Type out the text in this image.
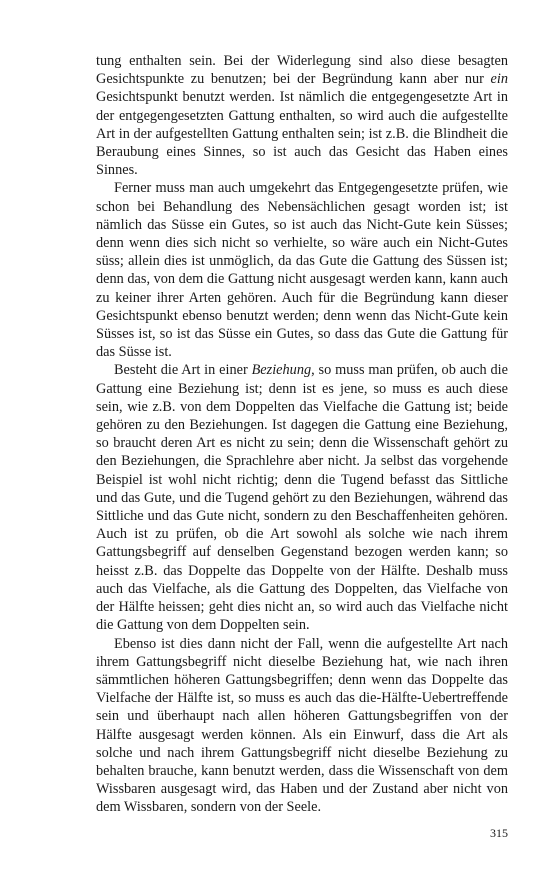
tung enthalten sein. Bei der Widerlegung sind also diese besagten Gesichtspunkte zu benutzen; bei der Begründung kann aber nur ein Gesichtspunkt benutzt werden. Ist nämlich die entgegengesetzte Art in der entgegengesetzten Gattung enthalten, so wird auch die aufgestellte Art in der aufgestellten Gattung enthalten sein; ist z.B. die Blindheit die Beraubung eines Sinnes, so ist auch das Gesicht das Haben eines Sinnes.

Ferner muss man auch umgekehrt das Entgegengesetzte prüfen, wie schon bei Behandlung des Nebensächlichen gesagt worden ist; ist nämlich das Süsse ein Gutes, so ist auch das Nicht-Gute kein Süsses; denn wenn dies sich nicht so verhielte, so wäre auch ein Nicht-Gutes süss; allein dies ist unmöglich, da das Gute die Gattung des Süssen ist; denn das, von dem die Gattung nicht ausgesagt werden kann, kann auch zu keiner ihrer Arten gehören. Auch für die Begründung kann dieser Gesichtspunkt ebenso benutzt werden; denn wenn das Nicht-Gute kein Süsses ist, so ist das Süsse ein Gutes, so dass das Gute die Gattung für das Süsse ist.

Besteht die Art in einer Beziehung, so muss man prüfen, ob auch die Gattung eine Beziehung ist; denn ist es jene, so muss es auch diese sein, wie z.B. von dem Doppelten das Vielfache die Gattung ist; beide gehören zu den Beziehungen. Ist dagegen die Gattung eine Beziehung, so braucht deren Art es nicht zu sein; denn die Wissenschaft gehört zu den Beziehungen, die Sprachlehre aber nicht. Ja selbst das vorgehende Beispiel ist wohl nicht richtig; denn die Tugend befasst das Sittliche und das Gute, und die Tugend gehört zu den Beziehungen, während das Sittliche und das Gute nicht, sondern zu den Beschaffenheiten gehören. Auch ist zu prüfen, ob die Art sowohl als solche wie nach ihrem Gattungsbegriff auf denselben Gegenstand bezogen werden kann; so heisst z.B. das Doppelte das Doppelte von der Hälfte. Deshalb muss auch das Vielfache, als die Gattung des Doppelten, das Vielfache von der Hälfte heissen; geht dies nicht an, so wird auch das Vielfache nicht die Gattung von dem Doppelten sein.

Ebenso ist dies dann nicht der Fall, wenn die aufgestellte Art nach ihrem Gattungsbegriff nicht dieselbe Beziehung hat, wie nach ihren sämmtlichen höheren Gattungsbegriffen; denn wenn das Doppelte das Vielfache der Hälfte ist, so muss es auch das die-Hälfte-Uebertreffende sein und überhaupt nach allen höheren Gattungsbegriffen von der Hälfte ausgesagt werden können. Als ein Einwurf, dass die Art als solche und nach ihrem Gattungsbegriff nicht dieselbe Beziehung zu behalten brauche, kann benutzt werden, dass die Wissenschaft von dem Wissbaren ausgesagt wird, das Haben und der Zustand aber nicht von dem Wissbaren, sondern von der Seele.

315
